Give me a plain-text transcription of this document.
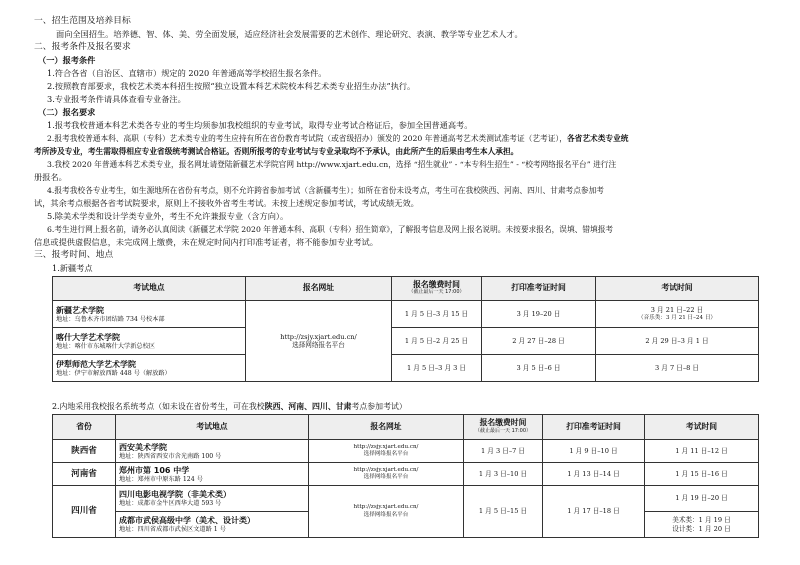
一、招生范围及培养目标
面向全国招生。培养德、智、体、美、劳全面发展，适应经济社会发展需要的艺术创作、理论研究、表演、教学等专业艺术人才。
二、报考条件及报名要求
（一）报考条件
1.符合各省（自治区、直辖市）规定的 2020 年普通高等学校招生报名条件。
2.按照教育部要求，我校艺术类本科招生按照“独立设置本科艺术院校本科艺术类专业招生办法”执行。
3.专业报考条件请具体查看专业备注。
（二）报名要求
1.报考我校普通本科艺术类各专业的考生均须参加我校组织的专业考试，取得专业考试合格证后，参加全国普通高考。
2.报考我校普通本科、高职（专科）艺术类专业的考生应持有所在省份教育考试院（或省级招办）颁发的 2020 年普通高考艺术类测试准考证（艺考证），各省艺术类专业统
考所涉及专业，考生需取得相应专业省级统考测试合格证。否则所报考的专业考试与专业录取均不予承认，由此所产生的后果由考生本人承担。
3.我校 2020 年普通本科艺术类专业，报名网址请登陆新疆艺术学院官网 http://www.xjart.edu.cn，选择 “招生就业” - “本专科生招生” - “校考网络报名平台” 进行注
册报名。
4.报考我校各专业考生，如生源地所在省份有考点，则不允许跨省参加考试（含新疆考生）；如所在省份未设考点，考生可在我校陕西、河南、四川、甘肃考点参加考
试，其余考点根据各省考试院要求，原则上不接收外省考生考试。未按上述规定参加考试，考试成绩无效。
5.除美术学类和设计学类专业外，考生不允许兼报专业（含方向）。
6.考生进行网上报名前，请务必认真阅读《新疆艺术学院 2020 年普通本科、高职（专科）招生简章》，了解报考信息及网上报名说明。未按要求报名，误填、错填报考
信息或提供虚假信息，未完成网上缴费，未在规定时间内打印准考证者，将不能参加专业考试。
三、报考时间、地点
1.新疆考点
考试地点	报名网址	报名缴费时间
（截止最后一天 17:00）	打印准考证时间	考试时间

新疆艺术学院
地址：乌鲁木齐市团结路 734 号校本部	http://zsjy.xjart.edu.cn/
选择网络报名平台	1 月 5 日–3 月 15 日	3 月 19–20 日	3 月 21 日–22 日
（音乐类：3 月 21 日–24 日）

喀什大学艺术学院
地址：喀什市东城喀什大学新总校区		1 月 5 日–2 月 25 日	2 月 27 日–28 日	2 月 29 日–3 月 1 日

伊犁师范大学艺术学院
地址：伊宁市解放西路 448 号（解放路）		1 月 5 日–3 月 3 日	3 月 5 日–6 日	3 月 7 日–8 日
2.内地采用我校报名系统考点（如未设在省份考生，可在我校陕西、河南、四川、甘肃考点参加考试）
省份	考试地点	报名网址	报名缴费时间
（截止最后一天 17:00）	打印准考证时间	考试时间
陕西省	西安美术学院
地址：陕西省西安市含光南路 100 号	http://zsjy.xjart.edu.cn/
选择网络报名平台	1 月 3 日–7 日	1 月 9 日–10 日	1 月 11 日–12 日
河南省	郑州市第 106 中学
地址：郑州市中原东路 124 号	http://zsjy.xjart.edu.cn/
选择网络报名平台	1 月 3 日–10 日	1 月 13 日–14 日	1 月 15 日–16 日
四川省	四川电影电视学院（非美术类）
地址：成都市金牛区西华大道 593 号	http://zsjy.xjart.edu.cn/
选择网络报名平台	1 月 5 日–15 日	1 月 17 日–18 日	1 月 19 日–20 日

	成都市武侯高级中学（美术、设计类）
地址：四川省成都市武侯区文道路 1 号				美术类：1 月 19 日
设计类：1 月 20 日
